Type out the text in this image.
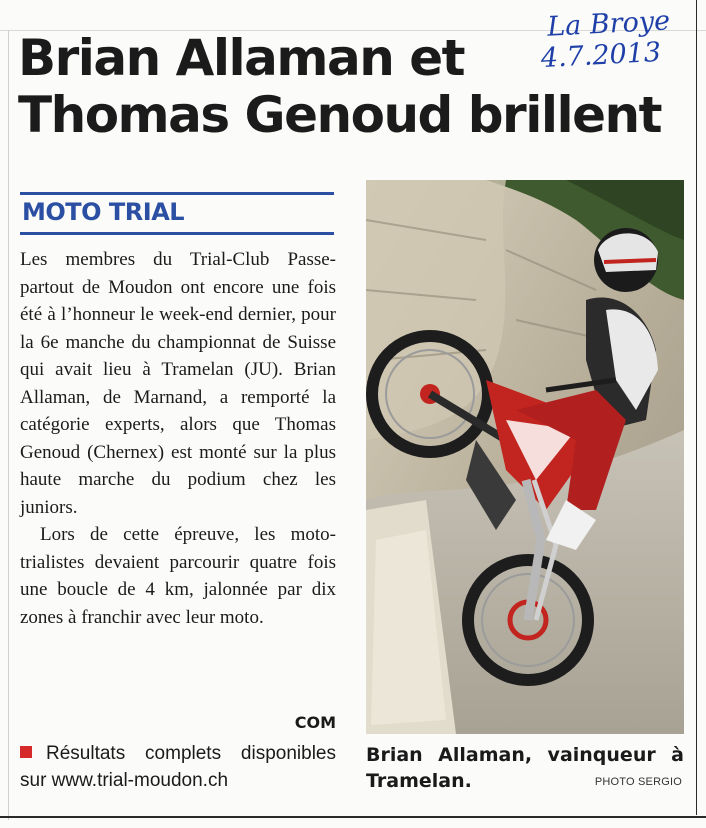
La Broye
4.7.2013
Brian Allaman et
Thomas Genoud brillent
MOTO TRIAL

Les membres du Trial-Club Passe-partout de Moudon ont encore une fois été à l’honneur le week-end dernier, pour la 6e manche du championnat de Suisse qui avait lieu à Tramelan (JU). Brian Allaman, de Marnand, a remporté la catégorie experts, alors que Thomas Genoud (Chernex) est monté sur la plus haute marche du podium chez les juniors.

Lors de cette épreuve, les moto-trialistes devaient parcourir quatre fois une boucle de 4 km, jalonnée par dix zones à franchir avec leur moto.

COM
Résultats complets disponibles sur www.trial-moudon.ch
Brian Allaman, vainqueur à Tramelan.	PHOTO SERGIO
